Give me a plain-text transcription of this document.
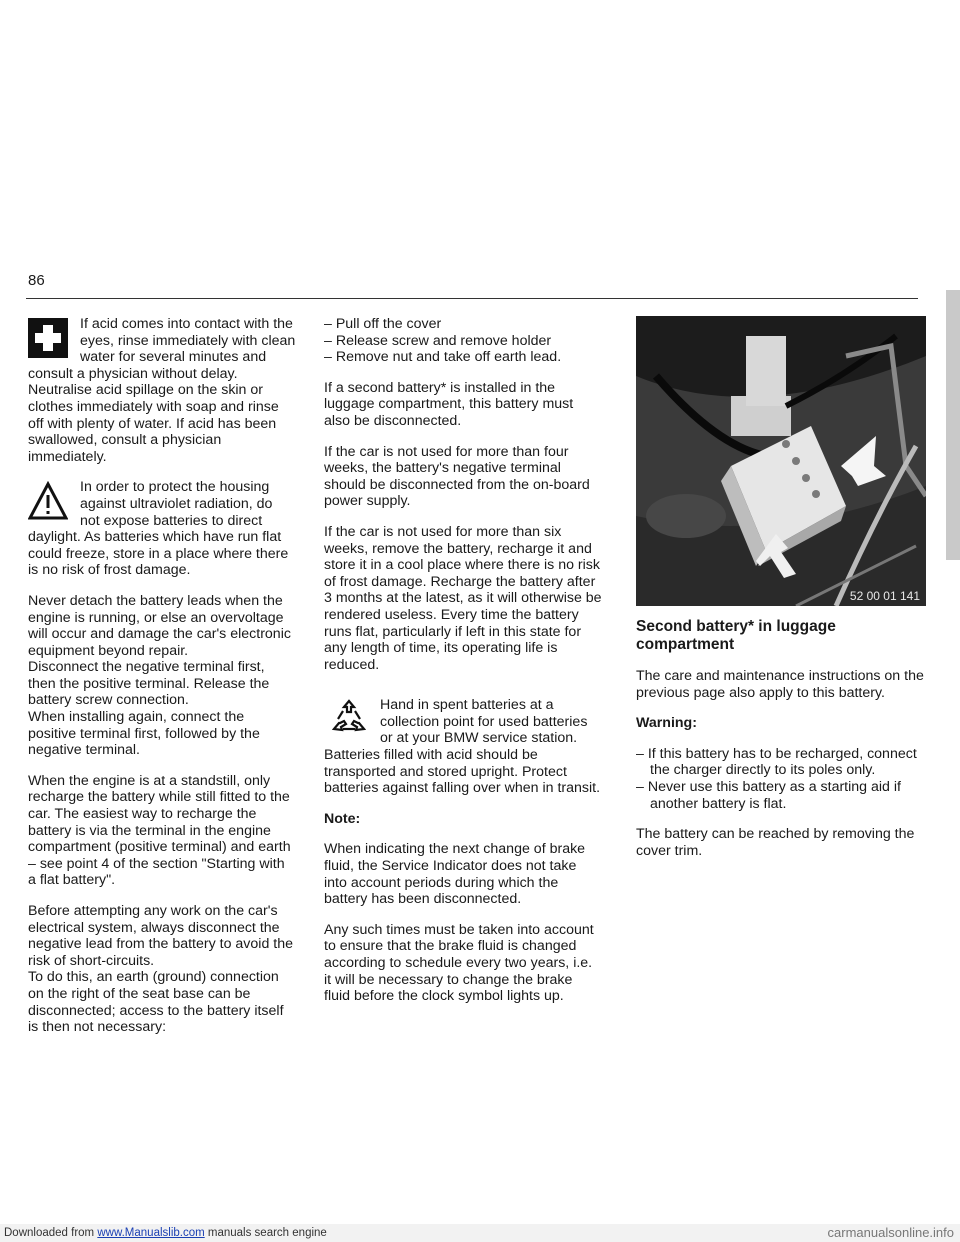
86

If acid comes into contact with the eyes, rinse immediately with clean water for several minutes and consult a physician without delay. Neutralise acid spillage on the skin or clothes immediately with soap and rinse off with plenty of water. If acid has been swallowed, consult a physician immediately.

In order to protect the housing against ultraviolet radiation, do not expose batteries to direct daylight. As batteries which have run flat could freeze, store in a place where there is no risk of frost damage.

Never detach the battery leads when the engine is running, or else an overvoltage will occur and damage the car's electronic equipment beyond repair.

Disconnect the negative terminal first, then the positive terminal. Release the battery screw connection.

When installing again, connect the positive terminal first, followed by the negative terminal.

When the engine is at a standstill, only recharge the battery while still fitted to the car. The easiest way to recharge the battery is via the terminal in the engine compartment (positive terminal) and earth – see point 4 of the section "Starting with a flat battery".

Before attempting any work on the car's electrical system, always disconnect the negative lead from the battery to avoid the risk of short-circuits.

To do this, an earth (ground) connection on the right of the seat base can be disconnected; access to the battery itself is then not necessary:

– Pull off the cover
– Release screw and remove holder
– Remove nut and take off earth lead.

If a second battery* is installed in the luggage compartment, this battery must also be disconnected.

If the car is not used for more than four weeks, the battery's negative terminal should be disconnected from the on-board power supply.

If the car is not used for more than six weeks, remove the battery, recharge it and store it in a cool place where there is no risk of frost damage. Recharge the battery after 3 months at the latest, as it will otherwise be rendered useless. Every time the battery runs flat, particularly if left in this state for any length of time, its operating life is reduced.

Hand in spent batteries at a collection point for used batteries or at your BMW service station. Batteries filled with acid should be transported and stored upright. Protect batteries against falling over when in transit.

Note:

When indicating the next change of brake fluid, the Service Indicator does not take into account periods during which the battery has been disconnected.

Any such times must be taken into account to ensure that the brake fluid is changed according to schedule every two years, i.e. it will be necessary to change the brake fluid before the clock symbol lights up.

52 00 01 141

Second battery* in luggage compartment

The care and maintenance instructions on the previous page also apply to this battery.

Warning:

– If this battery has to be recharged, connect the charger directly to its poles only.
– Never use this battery as a starting aid if another battery is flat.

The battery can be reached by removing the cover trim.

Downloaded from www.Manualslib.com manuals search engine	carmanualsonline.info
